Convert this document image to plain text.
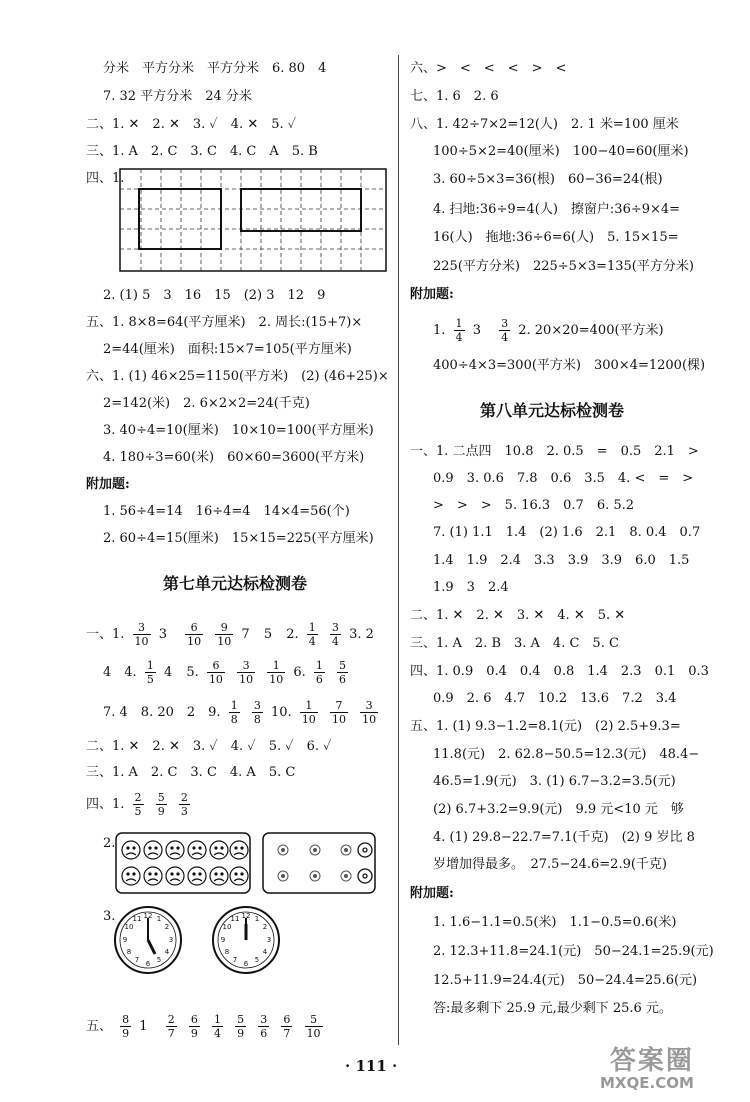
分米　平方分米　平方分米　6. 80　4
7. 32 平方分米　24 分米
二、1. ✕　2. ✕　3. ✓　4. ✕　5. ✓
三、1. A　2. C　3. C　4. C　A　5. B
四、1.
2. (1) 5　3　16　15　(2) 3　12　9
五、1. 8×8=64(平方厘米)　2. 周长:(15+7)×
2=44(厘米)　面积:15×7=105(平方厘米)
六、1. (1) 46×25=1150(平方米)　(2) (46+25)×
2=142(米)　2. 6×2×2=24(千克)
3. 40÷4=10(厘米)　10×10=100(平方厘米)
4. 180÷3=60(米)　60×60=3600(平方米)
附加题:
1. 56÷4=14　16÷4=4　14×4=56(个)
2. 60÷4=15(厘米)　15×15=225(平方厘米)
第七单元达标检测卷
一、1. $\frac{3}{10} 3 \frac{6}{10}$
$\frac{9}{10} 7$ 5 2. $\frac{1}{4}$
$\frac{3}{4} 3$. 2
4　4. $\frac{1}{5} 4$ 5. $\frac{6}{10}$
$\frac{3}{10}$
$\frac{1}{10} 6$. $\frac{1}{6}$
$\frac{5}{6}$
7. 4　8. 20　2　9. $\frac{1}{8}$
$\frac{3}{8} 10$. $\frac{1}{10}$
$\frac{7}{10}$
$\frac{3}{10}$
二、1. ✕　2. ✕　3. ✓　4. ✓　5. ✓　6. ✓
三、1. A　2. C　3. C　4. A　5. C
四、1. $\frac{2}{5}$
$\frac{5}{9}$
$\frac{2}{3}$
2.
3.	12 1
2
3
4
5
6
7
8
9
10
11	12 1
2
3
4
5
6
7
8
9
10
11
五、 $\frac{8}{9} 1 \frac{2}{7}$
$\frac{6}{9}$
$\frac{1}{4}$
$\frac{5}{9}$
$\frac{3}{6}$
$\frac{6}{7}$
$\frac{5}{10}$
六、>　<　<　<　>　<
七、1. 6　2. 6
八、1. 42÷7×2=12(人)　2. 1 米=100 厘米
100÷5×2=40(厘米)　100−40=60(厘米)
3. 60÷5×3=36(根)　60−36=24(根)
4. 扫地:36÷9=4(人)　擦窗户:36÷9×4=
16(人)　拖地:36÷6=6(人)　5. 15×15=
225(平方分米)　225÷5×3=135(平方分米)
附加题:
1. $\frac{1}{4} 3 \frac{3}{4} 2$. 20×20=400(平方米)
400÷4×3=300(平方米)　300×4=1200(棵)
第八单元达标检测卷
一、1. 二点四　10.8　2. 0.5　=　0.5　2.1　>
0.9　3. 0.6　7.8　0.6　3.5　4. <　=　>
>　>　>　5. 16.3　0.7　6. 5.2
7. (1) 1.1　1.4　(2) 1.6　2.1　8. 0.4　0.7
1.4　1.9　2.4　3.3　3.9　3.9　6.0　1.5
1.9　3　2.4
二、1. ✕　2. ✕　3. ✕　4. ✕　5. ✕
三、1. A　2. B　3. A　4. C　5. C
四、1. 0.9　0.4　0.4　0.8　1.4　2.3　0.1　0.3
0.9　2. 6　4.7　10.2　13.6　7.2　3.4
五、1. (1) 9.3−1.2=8.1(元)　(2) 2.5+9.3=
11.8(元)　2. 62.8−50.5=12.3(元)　48.4−
46.5=1.9(元)　3. (1) 6.7−3.2=3.5(元)
(2) 6.7+3.2=9.9(元)　9.9 元<10 元　够
4. (1) 29.8−22.7=7.1(千克)　(2) 9 岁比 8
岁增加得最多。　27.5−24.6=2.9(千克)
附加题:
1. 1.6−1.1=0.5(米)　1.1−0.5=0.6(米)
2. 12.3+11.8=24.1(元)　50−24.1=25.9(元)
12.5+11.9=24.4(元)　50−24.4=25.6(元)
答:最多剩下 25.9 元,最少剩下 25.6 元。
· 111 ·	答案圈
MXQE.COM
